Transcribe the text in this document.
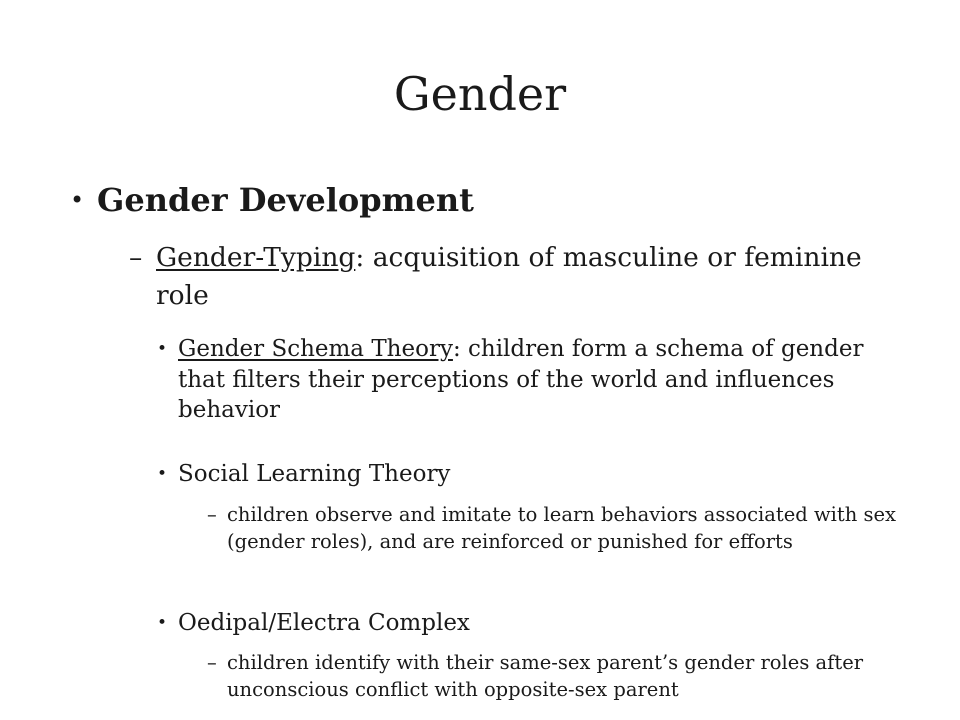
Gender
• Gender Development
– Gender-Typing: acquisition of masculine or feminine role
• Gender Schema Theory: children form a schema of gender that filters their perceptions of the world and influences behavior
• Social Learning Theory
– children observe and imitate to learn behaviors associated with sex (gender roles), and are reinforced or punished for efforts
• Oedipal/Electra Complex
– children identify with their same-sex parent’s gender roles after unconscious conflict with opposite-sex parent
